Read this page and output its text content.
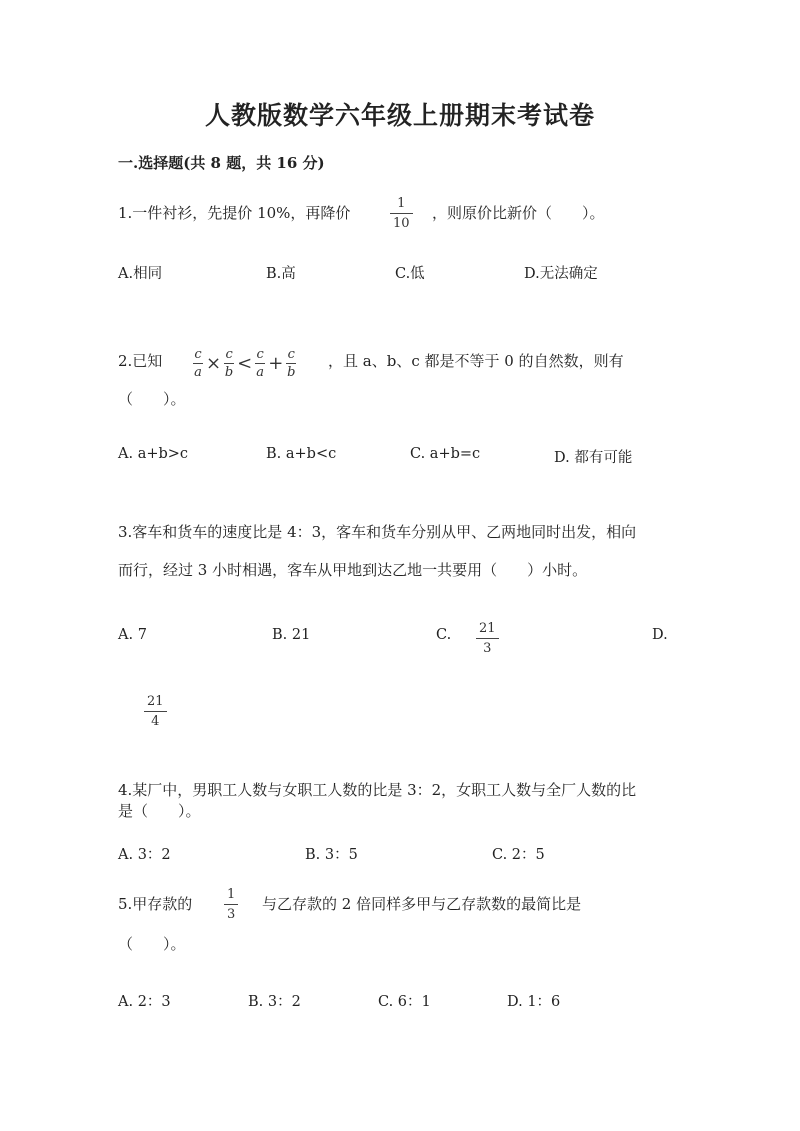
人教版数学六年级上册期末考试卷
一.选择题(共 8 题，共 16 分)
1.一件衬衫，先提价 10%，再降价
1
10
，则原价比新价（　　）。
A.相同	B.高	C.低	D.无法确定
2.已知 c
a × c
b < c
a + c
b
，且 a、b、c 都是不等于 0 的自然数，则有
（　　）。
A. a+b>c	B. a+b<c	C. a+b=c	D. 都有可能
3.客车和货车的速度比是 4：3，客车和货车分别从甲、乙两地同时出发，相向
而行，经过 3 小时相遇，客车从甲地到达乙地一共要用（　　）小时。
A. 7	B. 21	C. 21
3
D.
21
4
4.某厂中，男职工人数与女职工人数的比是 3：2，女职工人数与全厂人数的比
是（　　）。
A. 3：2	B. 3：5	C. 2：5
5.甲存款的
1
3
与乙存款的 2 倍同样多甲与乙存款数的最简比是
（　　）。
A. 2：3	B. 3：2	C. 6：1	D. 1：6
